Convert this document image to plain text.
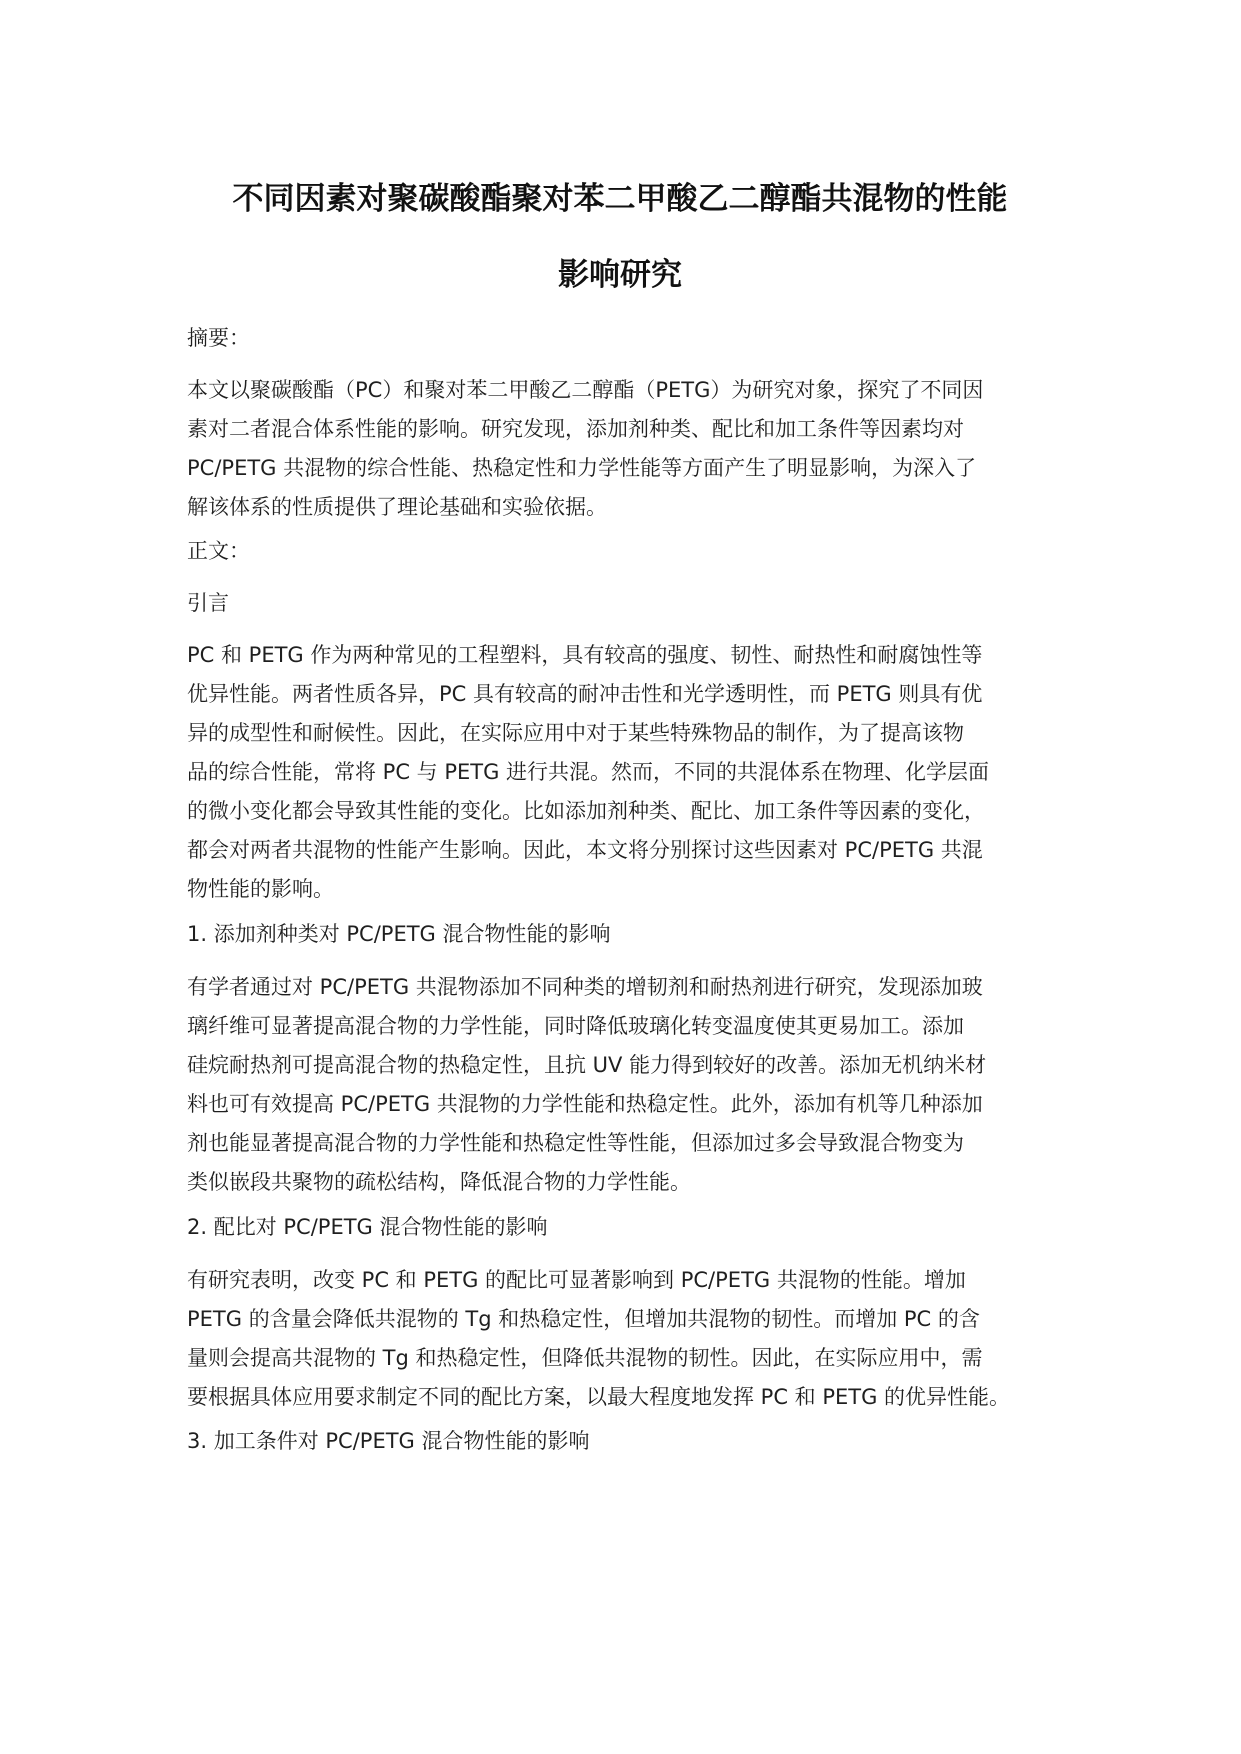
不同因素对聚碳酸酯聚对苯二甲酸乙二醇酯共混物的性能
影响研究

摘要：

本文以聚碳酸酯（PC）和聚对苯二甲酸乙二醇酯（PETG）为研究对象，探究了不同因
素对二者混合体系性能的影响。研究发现，添加剂种类、配比和加工条件等因素均对
PC/PETG 共混物的综合性能、热稳定性和力学性能等方面产生了明显影响，为深入了
解该体系的性质提供了理论基础和实验依据。

正文：

引言

PC 和 PETG 作为两种常见的工程塑料，具有较高的强度、韧性、耐热性和耐腐蚀性等
优异性能。两者性质各异，PC 具有较高的耐冲击性和光学透明性，而 PETG 则具有优
异的成型性和耐候性。因此，在实际应用中对于某些特殊物品的制作，为了提高该物
品的综合性能，常将 PC 与 PETG 进行共混。然而，不同的共混体系在物理、化学层面
的微小变化都会导致其性能的变化。比如添加剂种类、配比、加工条件等因素的变化，
都会对两者共混物的性能产生影响。因此，本文将分别探讨这些因素对 PC/PETG 共混
物性能的影响。

1. 添加剂种类对 PC/PETG 混合物性能的影响

有学者通过对 PC/PETG 共混物添加不同种类的增韧剂和耐热剂进行研究，发现添加玻
璃纤维可显著提高混合物的力学性能，同时降低玻璃化转变温度使其更易加工。添加
硅烷耐热剂可提高混合物的热稳定性，且抗 UV 能力得到较好的改善。添加无机纳米材
料也可有效提高 PC/PETG 共混物的力学性能和热稳定性。此外，添加有机等几种添加
剂也能显著提高混合物的力学性能和热稳定性等性能，但添加过多会导致混合物变为
类似嵌段共聚物的疏松结构，降低混合物的力学性能。

2. 配比对 PC/PETG 混合物性能的影响

有研究表明，改变 PC 和 PETG 的配比可显著影响到 PC/PETG 共混物的性能。增加
PETG 的含量会降低共混物的 Tg 和热稳定性，但增加共混物的韧性。而增加 PC 的含
量则会提高共混物的 Tg 和热稳定性，但降低共混物的韧性。因此，在实际应用中，需
要根据具体应用要求制定不同的配比方案，以最大程度地发挥 PC 和 PETG 的优异性能。

3. 加工条件对 PC/PETG 混合物性能的影响
